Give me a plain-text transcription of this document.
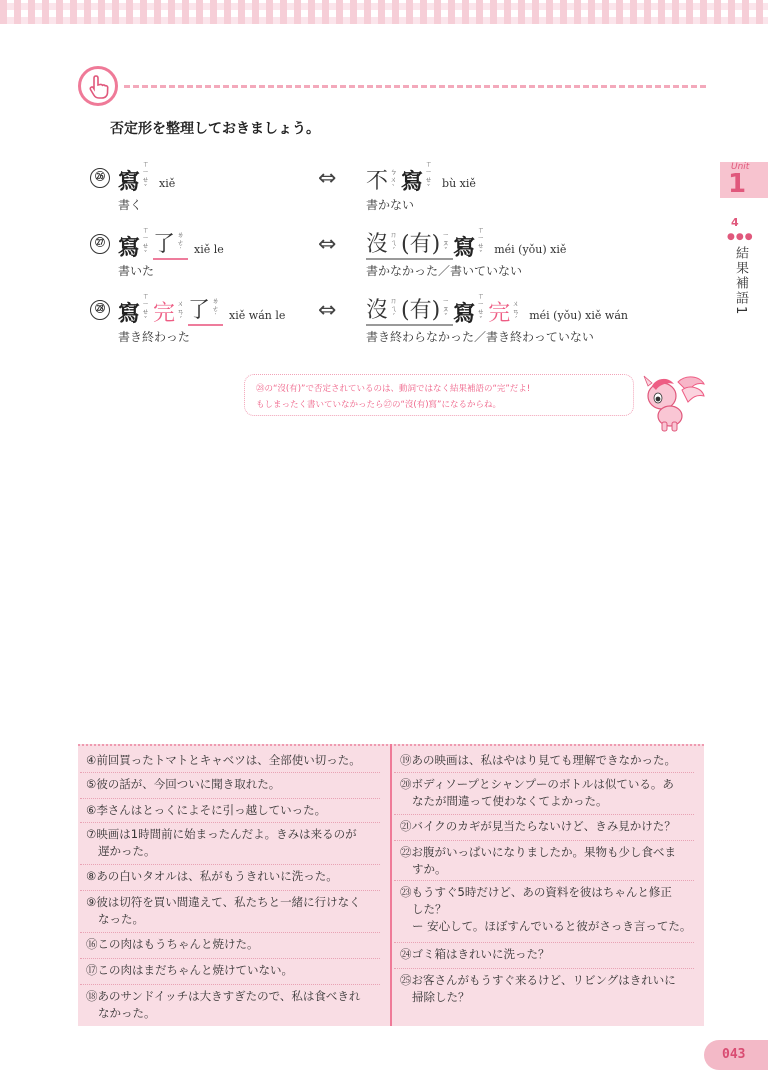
否定形を整理しておきましょう。
Unit
1
4
●●●
結果補語1
㉖ 寫
ㄒㄧㄝˇ xiě
書く
⇔ 不 ㄅㄨˋ 寫
ㄒㄧㄝˇ bù xiě
書かない
㉗ 寫
ㄒㄧㄝˇ 了 ㄌㄜ˙ xiě le
書いた
⇔ 沒 ㄇㄟˊ (有) ㄧㄡˇ 寫
ㄒㄧㄝˇ méi (yǒu) xiě
書かなかった／書いていない
㉘ 寫
ㄒㄧㄝˇ 完 ㄨㄢˊ 了 ㄌㄜ˙ xiě wán le
書き終わった
⇔ 沒 ㄇㄟˊ (有) ㄧㄡˇ 寫
ㄒㄧㄝˇ 完 ㄨㄢˊ méi (yǒu) xiě wán
書き終わらなかった／書き終わっていない
㉘の“沒(有)”で否定されているのは、動詞ではなく結果補語の“完”だよ!
もしまったく書いていなかったら㉗の“沒(有)寫”になるからね。
④前回買ったトマトとキャベツは、全部使い切った。
⑤彼の話が、今回ついに聞き取れた。
⑥李さんはとっくによそに引っ越していった。
⑦映画は1時間前に始まったんだよ。きみは来るのが
遅かった。
⑧あの白いタオルは、私がもうきれいに洗った。
⑨彼は切符を買い間違えて、私たちと一緒に行けなく
なった。
⑯この肉はもうちゃんと焼けた。
⑰この肉はまだちゃんと焼けていない。
⑱あのサンドイッチは大きすぎたので、私は食べきれ
なかった。
⑲あの映画は、私はやはり見ても理解できなかった。
⑳ボディソープとシャンプーのボトルは似ている。あ
なたが間違って使わなくてよかった。
㉑バイクのカギが見当たらないけど、きみ見かけた？
㉒お腹がいっぱいになりましたか。果物も少し食べま
すか。
㉓もうすぐ5時だけど、あの資料を彼はちゃんと修正
した？
ー 安心して。ほぼすんでいると彼がさっき言ってた。
㉔ゴミ箱はきれいに洗った？
㉕お客さんがもうすぐ来るけど、リビングはきれいに
掃除した？
043
